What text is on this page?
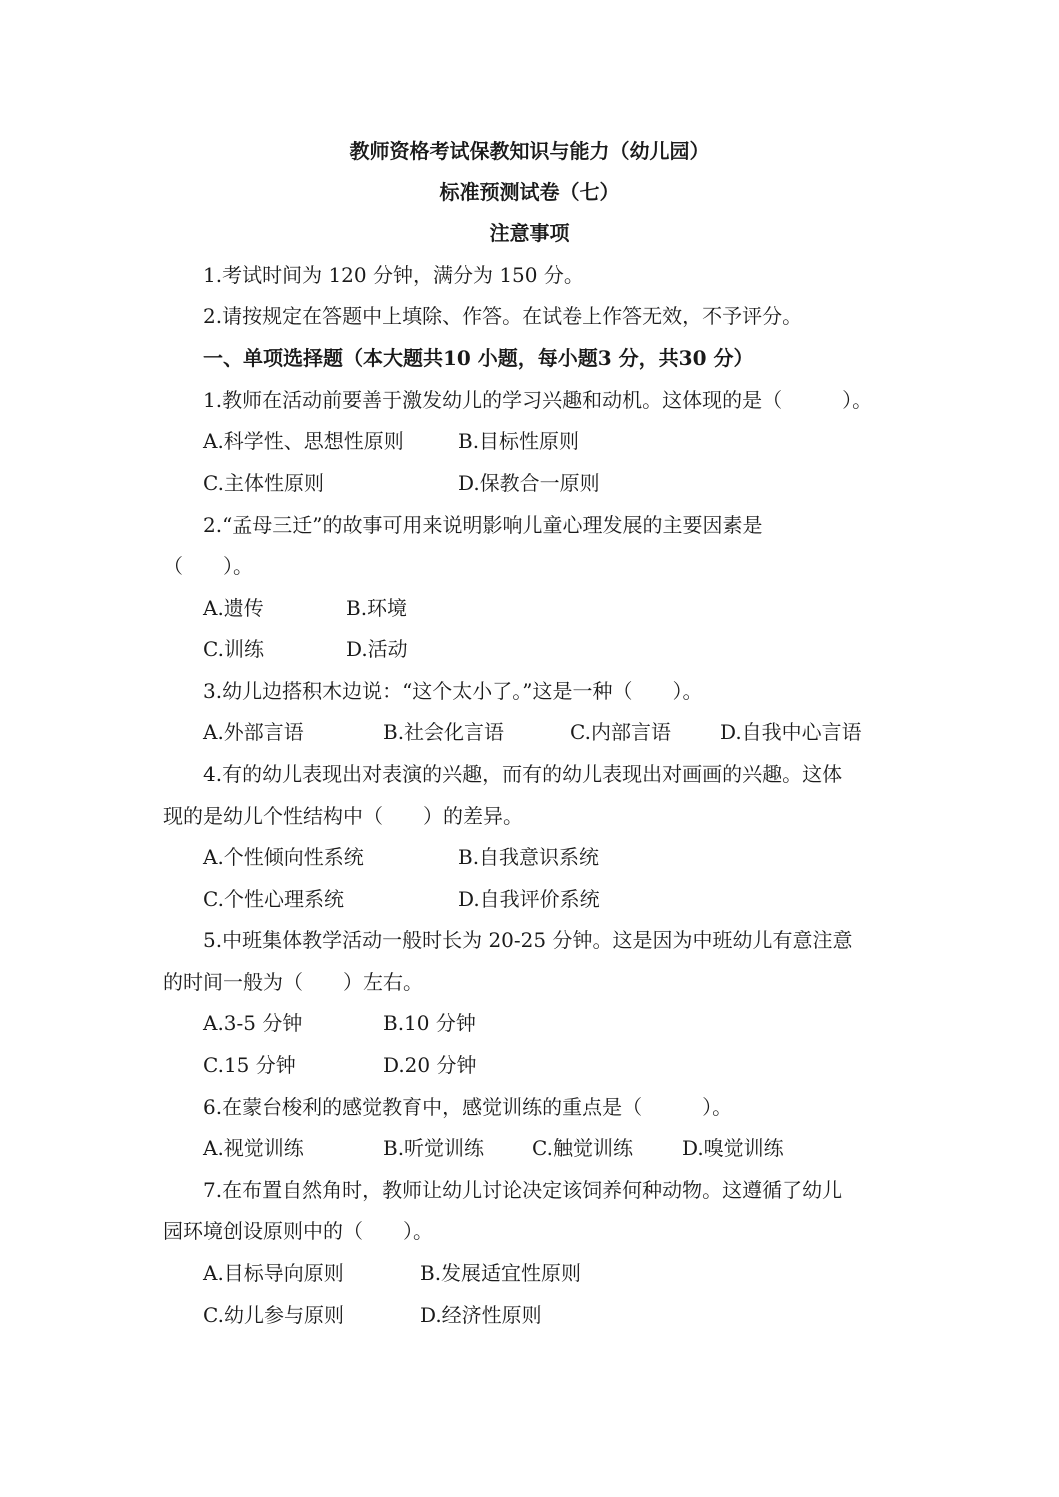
教师资格考试保教知识与能力（幼儿园）
标准预测试卷（七）
注意事项
1.考试时间为 120 分钟，满分为 150 分。
2.请按规定在答题中上填除、作答。在试卷上作答无效，不予评分。
一、单项选择题（本大题共10 小题，每小题3 分，共30 分）
1.教师在活动前要善于激发幼儿的学习兴趣和动机。这体现的是（　　　）。
A.科学性、思想性原则	B.目标性原则
C.主体性原则	D.保教合一原则
2.“孟母三迁”的故事可用来说明影响儿童心理发展的主要因素是
（　　）。
A.遗传	B.环境
C.训练	D.活动
3.幼儿边搭积木边说：“这个太小了。”这是一种（　　）。
A.外部言语	B.社会化言语	C.内部言语 D.自我中心言语
4.有的幼儿表现出对表演的兴趣，而有的幼儿表现出对画画的兴趣。这体
现的是幼儿个性结构中（　　）的差异。
A.个性倾向性系统	B.自我意识系统
C.个性心理系统	D.自我评价系统
5.中班集体教学活动一般时长为 20-25 分钟。这是因为中班幼儿有意注意
的时间一般为（　　）左右。
A.3-5 分钟	B.10 分钟
C.15 分钟	D.20 分钟
6.在蒙台梭利的感觉教育中，感觉训练的重点是（　　　）。
A.视觉训练	B.听觉训练 C.触觉训练 D.嗅觉训练
7.在布置自然角时，教师让幼儿讨论决定该饲养何种动物。这遵循了幼儿
园环境创设原则中的（　　）。
A.目标导向原则	B.发展适宜性原则
C.幼儿参与原则	D.经济性原则
